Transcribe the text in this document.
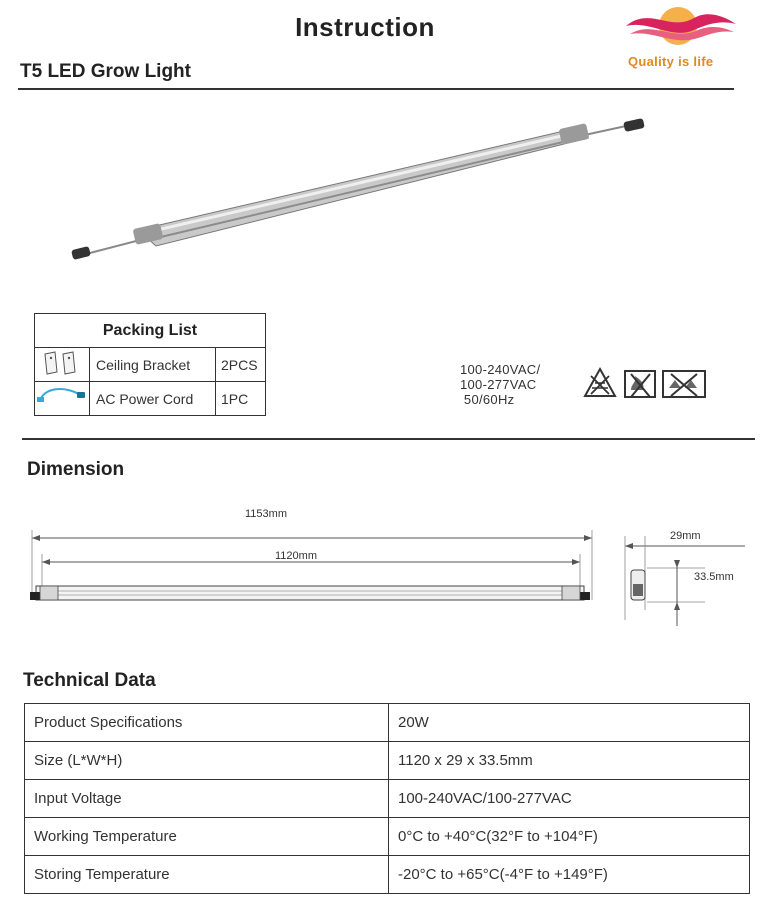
Instruction
T5 LED Grow Light	Quality is life
Packing List		
	Ceiling Bracket	2PCS
	AC Power Cord	1PC
100-240VAC/
100-277VAC
50/60Hz
Dimension
1153mm
1120mm
29mm
33.5mm
Technical Data
Product Specifications	20W
Size (L*W*H)	1120 x 29 x 33.5mm
Input Voltage	100-240VAC/100-277VAC
Working Temperature	0°C to +40°C(32°F to +104°F)
Storing Temperature	-20°C to +65°C(-4°F to +149°F)
